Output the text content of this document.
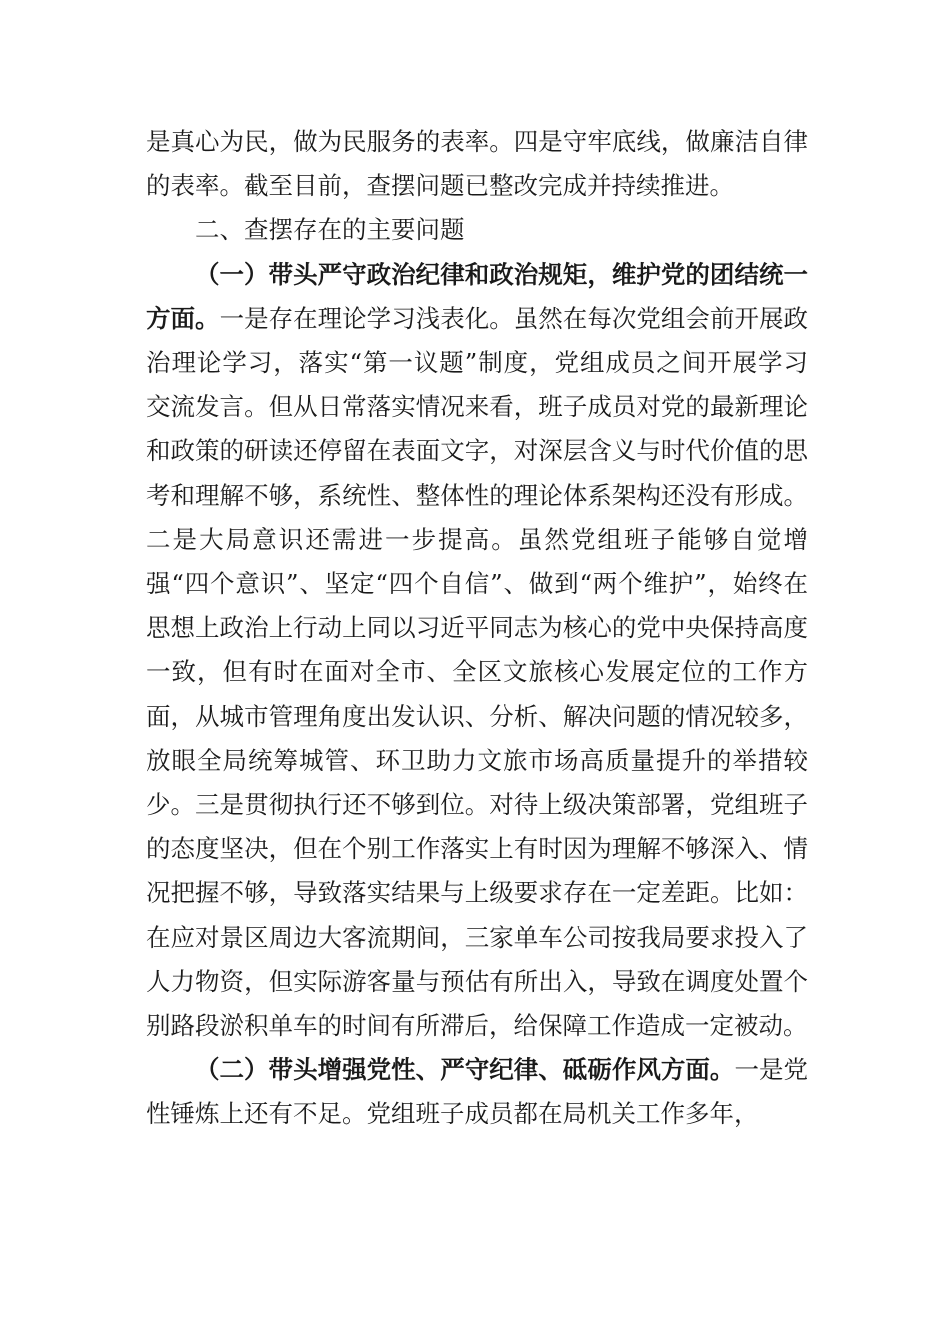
是真心为民，做为民服务的表率。四是守牢底线，做廉洁自律的表率。截至目前，查摆问题已整改完成并持续推进。

二、查摆存在的主要问题

（一）带头严守政治纪律和政治规矩，维护党的团结统一方面。一是存在理论学习浅表化。虽然在每次党组会前开展政治理论学习，落实“第一议题”制度，党组成员之间开展学习交流发言。但从日常落实情况来看，班子成员对党的最新理论和政策的研读还停留在表面文字，对深层含义与时代价值的思考和理解不够，系统性、整体性的理论体系架构还没有形成。二是大局意识还需进一步提高。虽然党组班子能够自觉增强“四个意识”、坚定“四个自信”、做到“两个维护”，始终在思想上政治上行动上同以习近平同志为核心的党中央保持高度一致，但有时在面对全市、全区文旅核心发展定位的工作方面，从城市管理角度出发认识、分析、解决问题的情况较多，放眼全局统筹城管、环卫助力文旅市场高质量提升的举措较少。三是贯彻执行还不够到位。对待上级决策部署，党组班子的态度坚决，但在个别工作落实上有时因为理解不够深入、情况把握不够，导致落实结果与上级要求存在一定差距。比如：在应对景区周边大客流期间，三家单车公司按我局要求投入了人力物资，但实际游客量与预估有所出入，导致在调度处置个别路段淤积单车的时间有所滞后，给保障工作造成一定被动。

（二）带头增强党性、严守纪律、砥砺作风方面。一是党性锤炼上还有不足。党组班子成员都在局机关工作多年，
